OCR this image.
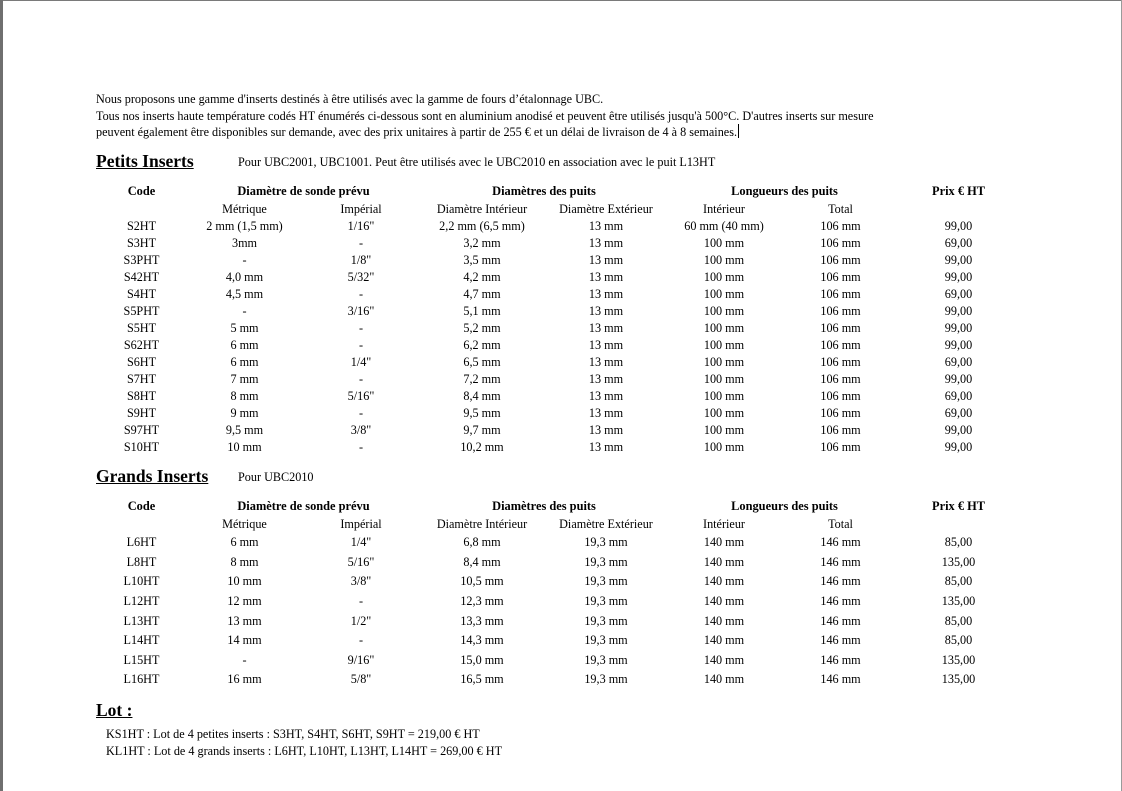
Nous proposons une gamme d'inserts destinés à être utilisés avec la gamme de fours d’étalonnage UBC.
Tous nos inserts haute température codés HT énumérés ci-dessous sont en aluminium anodisé et peuvent être utilisés jusqu'à 500°C. D'autres inserts sur mesure
peuvent également être disponibles sur demande, avec des prix unitaires à partir de 255 € et un délai de livraison de 4 à 8 semaines.
Petits Inserts	Pour UBC2001, UBC1001. Peut être utilisés avec le UBC2010 en association avec le puit L13HT
Code	Diamètre de sonde prévu		Diamètres des puits		Longueurs des puits		Prix € HT
	Métrique	Impérial	Diamètre Intérieur	Diamètre Extérieur	Intérieur	Total	
S2HT	2 mm (1,5 mm)	1/16"	2,2 mm (6,5 mm)	13 mm	60 mm (40 mm)	106 mm	99,00
S3HT	3mm	-	3,2 mm	13 mm	100 mm	106 mm	69,00
S3PHT	-	1/8"	3,5 mm	13 mm	100 mm	106 mm	99,00
S42HT	4,0 mm	5/32"	4,2 mm	13 mm	100 mm	106 mm	99,00
S4HT	4,5 mm	-	4,7 mm	13 mm	100 mm	106 mm	69,00
S5PHT	-	3/16"	5,1 mm	13 mm	100 mm	106 mm	99,00
S5HT	5 mm	-	5,2 mm	13 mm	100 mm	106 mm	99,00
S62HT	6 mm	-	6,2 mm	13 mm	100 mm	106 mm	99,00
S6HT	6 mm	1/4"	6,5 mm	13 mm	100 mm	106 mm	69,00
S7HT	7 mm	-	7,2 mm	13 mm	100 mm	106 mm	99,00
S8HT	8 mm	5/16"	8,4 mm	13 mm	100 mm	106 mm	69,00
S9HT	9 mm	-	9,5 mm	13 mm	100 mm	106 mm	69,00
S97HT	9,5 mm	3/8"	9,7 mm	13 mm	100 mm	106 mm	99,00
S10HT	10 mm	-	10,2 mm	13 mm	100 mm	106 mm	99,00
Grands Inserts Pour UBC2010
Code	Diamètre de sonde prévu		Diamètres des puits		Longueurs des puits		Prix € HT
	Métrique	Impérial	Diamètre Intérieur	Diamètre Extérieur	Intérieur	Total	
L6HT	6 mm	1/4"	6,8 mm	19,3 mm	140 mm	146 mm	85,00
L8HT	8 mm	5/16"	8,4 mm	19,3 mm	140 mm	146 mm	135,00
L10HT	10 mm	3/8"	10,5 mm	19,3 mm	140 mm	146 mm	85,00
L12HT	12 mm	-	12,3 mm	19,3 mm	140 mm	146 mm	135,00
L13HT	13 mm	1/2"	13,3 mm	19,3 mm	140 mm	146 mm	85,00
L14HT	14 mm	-	14,3 mm	19,3 mm	140 mm	146 mm	85,00
L15HT	-	9/16"	15,0 mm	19,3 mm	140 mm	146 mm	135,00
L16HT	16 mm	5/8"	16,5 mm	19,3 mm	140 mm	146 mm	135,00
Lot :
KS1HT : Lot de 4 petites inserts : S3HT, S4HT, S6HT, S9HT = 219,00 € HT
KL1HT : Lot de 4 grands inserts : L6HT, L10HT, L13HT, L14HT = 269,00 € HT
